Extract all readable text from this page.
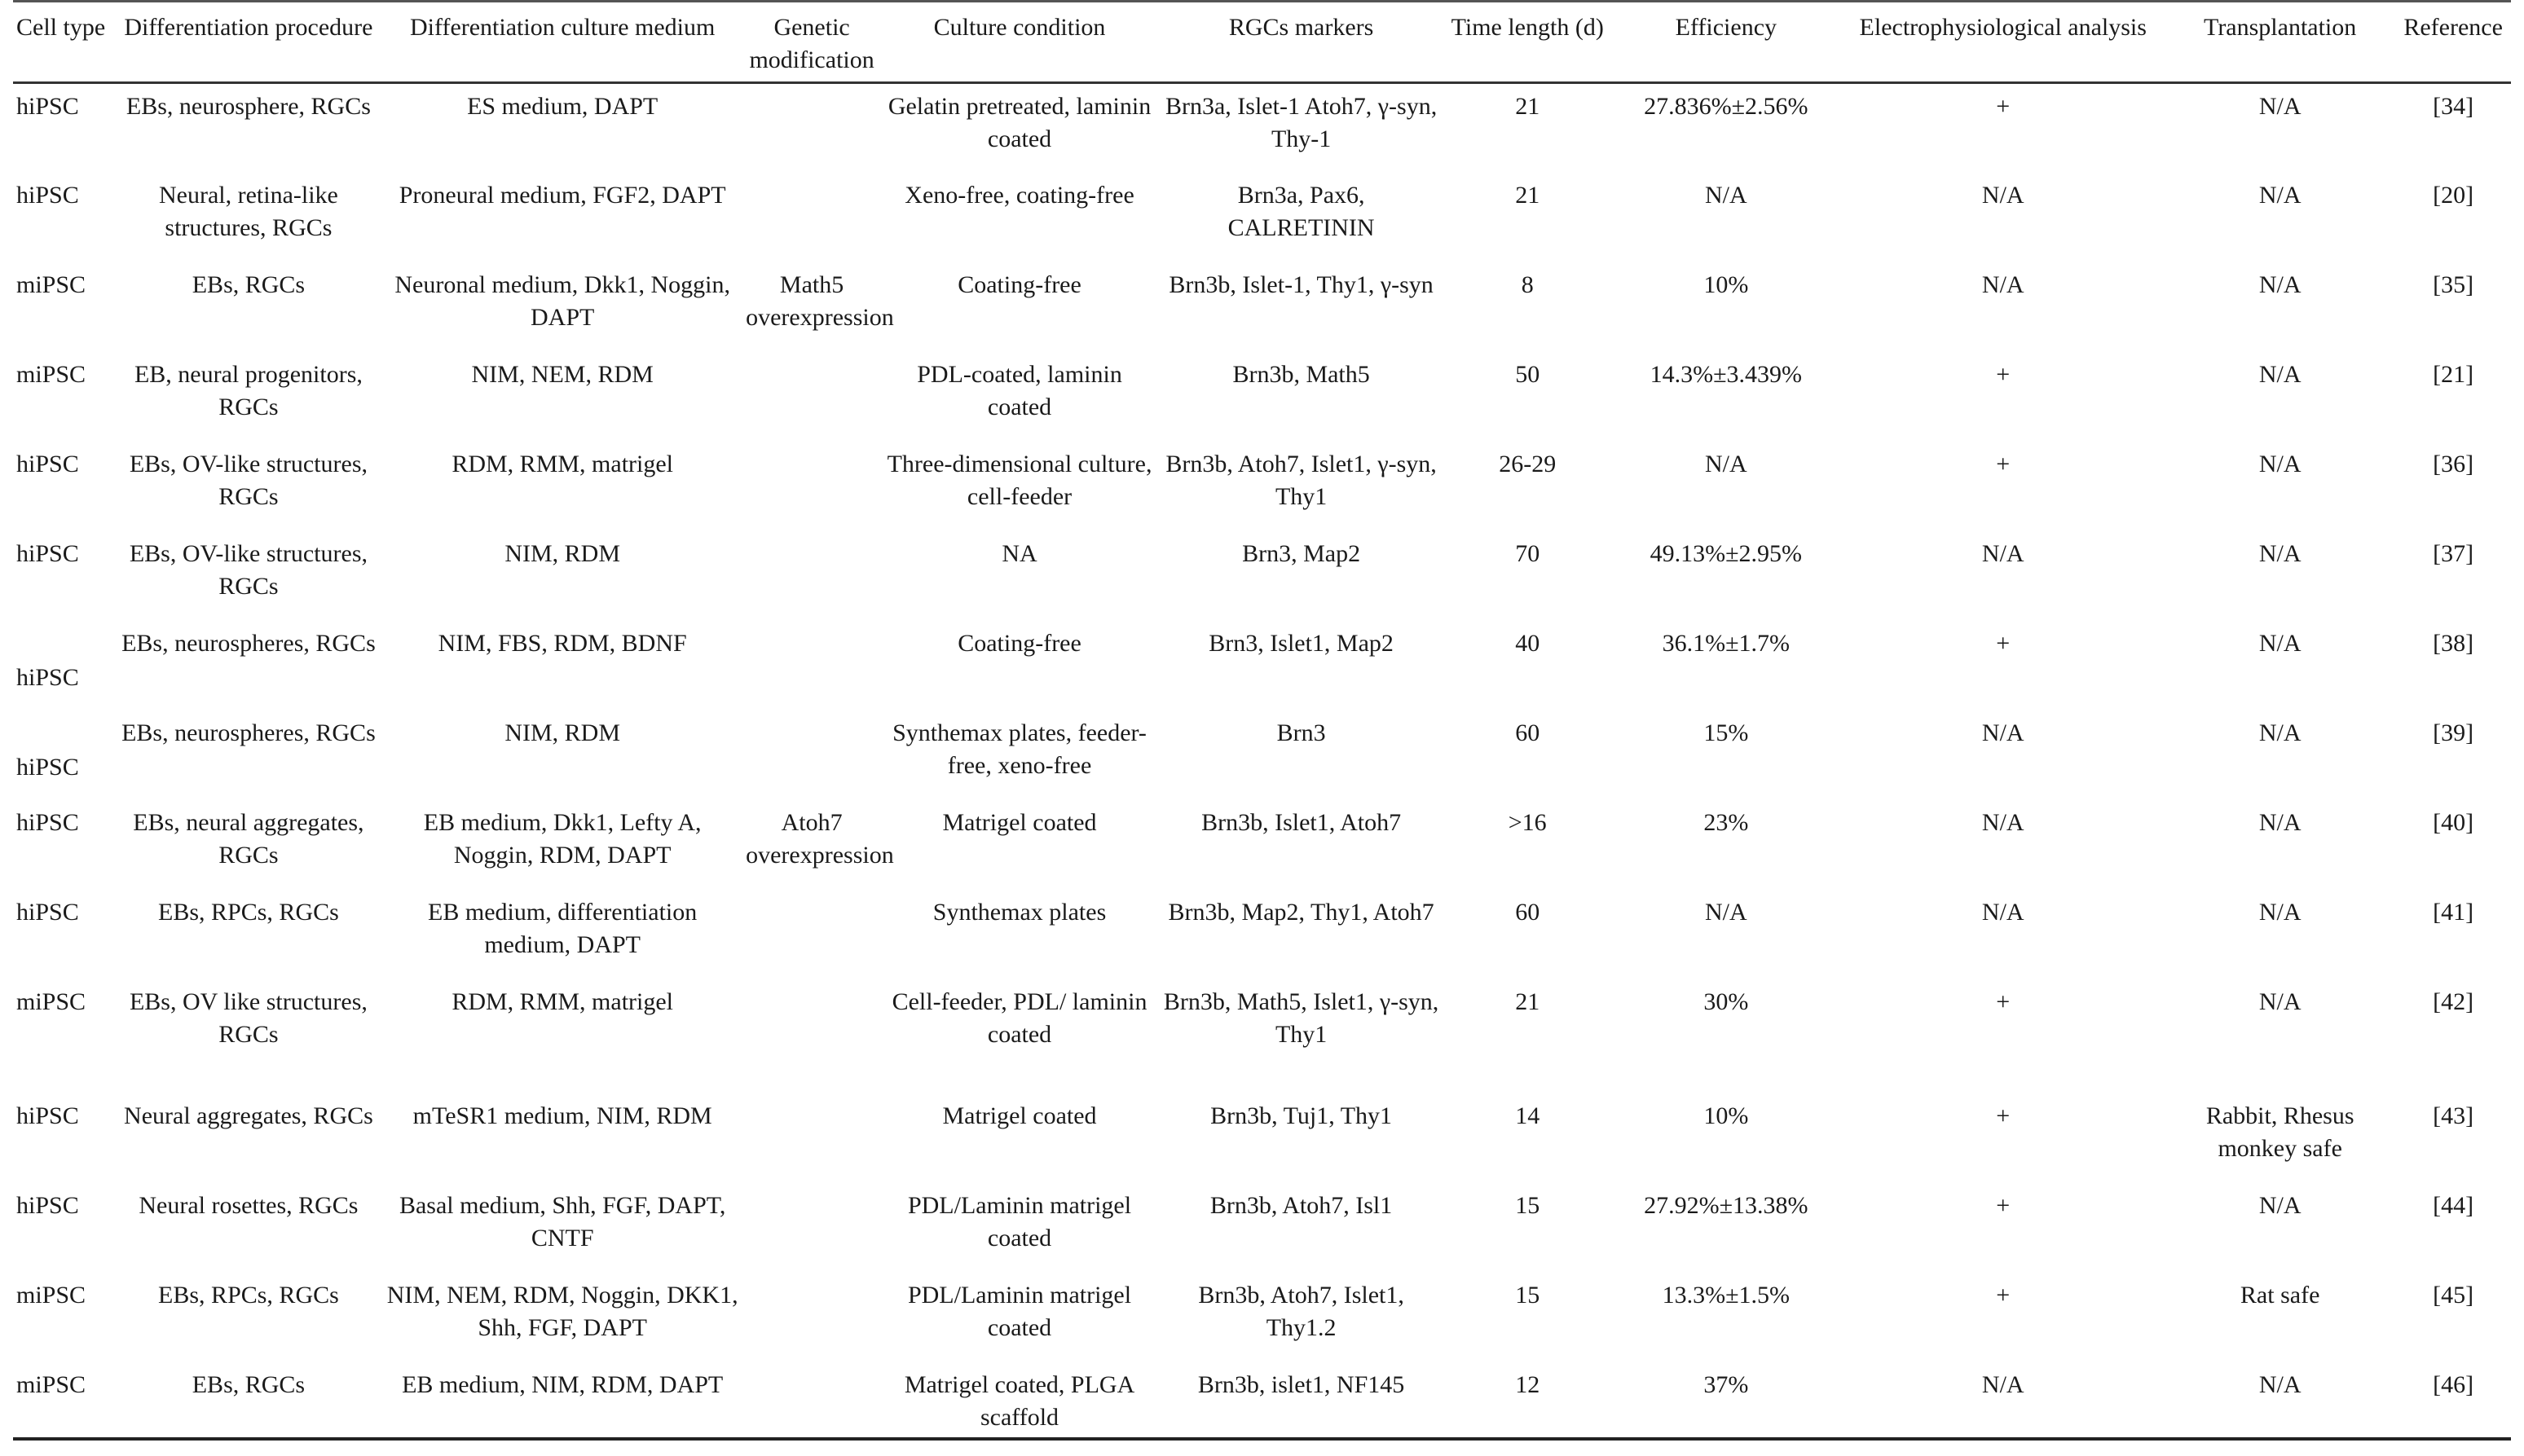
Cell type	Differentiation procedure	Differentiation culture medium	Genetic modification	Culture condition	RGCs markers	Time length (d)	Efficiency	Electrophysiological analysis	Transplantation	Reference
hiPSC	EBs, neurosphere, RGCs	ES medium, DAPT		Gelatin pretreated, laminin coated	Brn3a, Islet-1 Atoh7, γ-syn, Thy-1	21	27.836%±2.56%	+	N/A	[34]
hiPSC	Neural, retina-like structures, RGCs	Proneural medium, FGF2, DAPT		Xeno-free, coating-free	Brn3a, Pax6, CALRETININ	21	N/A	N/A	N/A	[20]
miPSC	EBs, RGCs	Neuronal medium, Dkk1, Noggin, DAPT	Math5 overexpression	Coating-free	Brn3b, Islet-1, Thy1, γ-syn	8	10%	N/A	N/A	[35]
miPSC	EB, neural progenitors, RGCs	NIM, NEM, RDM		PDL-coated, laminin coated	Brn3b, Math5	50	14.3%±3.439%	+	N/A	[21]
hiPSC	EBs, OV-like structures, RGCs	RDM, RMM, matrigel		Three-dimensional culture, cell-feeder	Brn3b, Atoh7, Islet1, γ-syn, Thy1	26-29	N/A	+	N/A	[36]
hiPSC	EBs, OV-like structures, RGCs	NIM, RDM		NA	Brn3, Map2	70	49.13%±2.95%	N/A	N/A	[37]
hiPSC	EBs, neurospheres, RGCs	NIM, FBS, RDM, BDNF		Coating-free	Brn3, Islet1, Map2	40	36.1%±1.7%	+	N/A	[38]
hiPSC	EBs, neurospheres, RGCs	NIM, RDM		Synthemax plates, feeder-free, xeno-free	Brn3	60	15%	N/A	N/A	[39]
hiPSC	EBs, neural aggregates, RGCs	EB medium, Dkk1, Lefty A, Noggin, RDM, DAPT	Atoh7 overexpression	Matrigel coated	Brn3b, Islet1, Atoh7	>16	23%	N/A	N/A	[40]
hiPSC	EBs, RPCs, RGCs	EB medium, differentiation medium, DAPT		Synthemax plates	Brn3b, Map2, Thy1, Atoh7	60	N/A	N/A	N/A	[41]
miPSC	EBs, OV like structures, RGCs	RDM, RMM, matrigel		Cell-feeder, PDL/ laminin coated	Brn3b, Math5, Islet1, γ-syn, Thy1	21	30%	+	N/A	[42]
hiPSC	Neural aggregates, RGCs	mTeSR1 medium, NIM, RDM		Matrigel coated	Brn3b, Tuj1, Thy1	14	10%	+	Rabbit, Rhesus monkey safe	[43]
hiPSC	Neural rosettes, RGCs	Basal medium, Shh, FGF, DAPT, CNTF		PDL/Laminin matrigel coated	Brn3b, Atoh7, Isl1	15	27.92%±13.38%	+	N/A	[44]
miPSC	EBs, RPCs, RGCs	NIM, NEM, RDM, Noggin, DKK1, Shh, FGF, DAPT		PDL/Laminin matrigel coated	Brn3b, Atoh7, Islet1, Thy1.2	15	13.3%±1.5%	+	Rat safe	[45]
miPSC	EBs, RGCs	EB medium, NIM, RDM, DAPT		Matrigel coated, PLGA scaffold	Brn3b, islet1, NF145	12	37%	N/A	N/A	[46]
